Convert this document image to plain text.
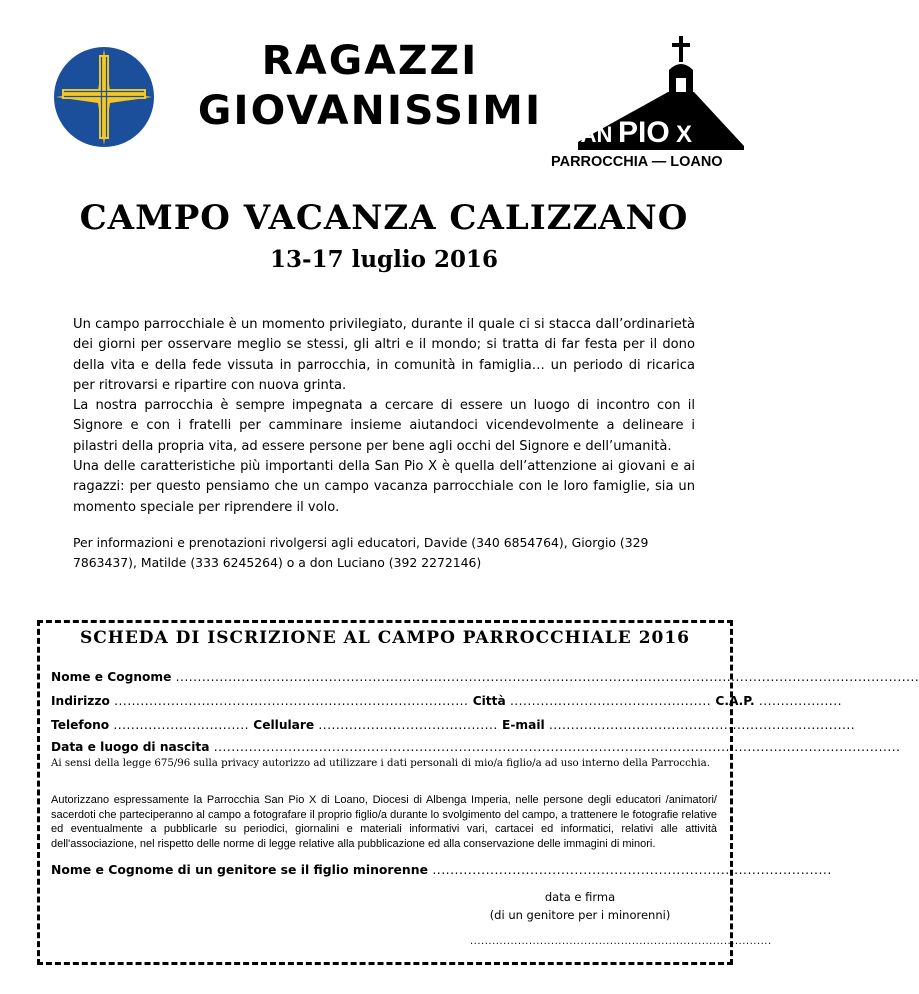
RAGAZZI
GIOVANISSIMI
SAN PIO X
PARROCCHIA — LOANO
CAMPO VACANZA CALIZZANO
13-17 luglio 2016

Un campo parrocchiale è un momento privilegiato, durante il quale ci si stacca dall’ordinarietà dei giorni per osservare meglio se stessi, gli altri e il mondo; si tratta di far festa per il dono della vita e della fede vissuta in parrocchia, in comunità in famiglia… un periodo di ricarica per ritrovarsi e ripartire con nuova grinta.

La nostra parrocchia è sempre impegnata a cercare di essere un luogo di incontro con il Signore e con i fratelli per camminare insieme aiutandoci vicendevolmente a delineare i pilastri della propria vita, ad essere persone per bene agli occhi del Signore e dell’umanità.

Una delle caratteristiche più importanti della San Pio X è quella dell’attenzione ai giovani e ai ragazzi: per questo pensiamo che un campo vacanza parrocchiale con le loro famiglie, sia un momento speciale per riprendere il volo.

Per informazioni e prenotazioni rivolgersi agli educatori, Davide (340 6854764), Giorgio (329 7863437), Matilde (333 6245264) o a don Luciano (392 2272146)
SCHEDA DI ISCRIZIONE AL CAMPO PARROCCHIALE 2016
Nome e Cognome ..........................................................................................................................................................................
Indirizzo ................................................................................. Città .............................................. C.A.P. ...................
Telefono ............................... Cellulare ......................................... E-mail ......................................................................
Data e luogo di nascita .............................................................................................................................................................
Ai sensi della legge 675/96 sulla privacy autorizzo ad utilizzare i dati personali di mio/a figlio/a ad uso interno della Parrocchia.
Autorizzano espressamente la Parrocchia San Pio X di Loano, Diocesi di Albenga Imperia, nelle persone degli educatori /animatori/ sacerdoti che parteciperanno al campo a fotografare il proprio figlio/a durante lo svolgimento del campo, a trattenere le fotografie relative ed eventualmente a pubblicarle su periodici, giornalini e materiali informativi vari, cartacei ed informatici, relativi alle attività dell'associazione, nel rispetto delle norme di legge relative alla pubblicazione ed alla conservazione delle immagini di minori.
Nome e Cognome di un genitore se il figlio minorenne ..........................................................................................
data e firma
(di un genitore per i minorenni)
..................................................................................
